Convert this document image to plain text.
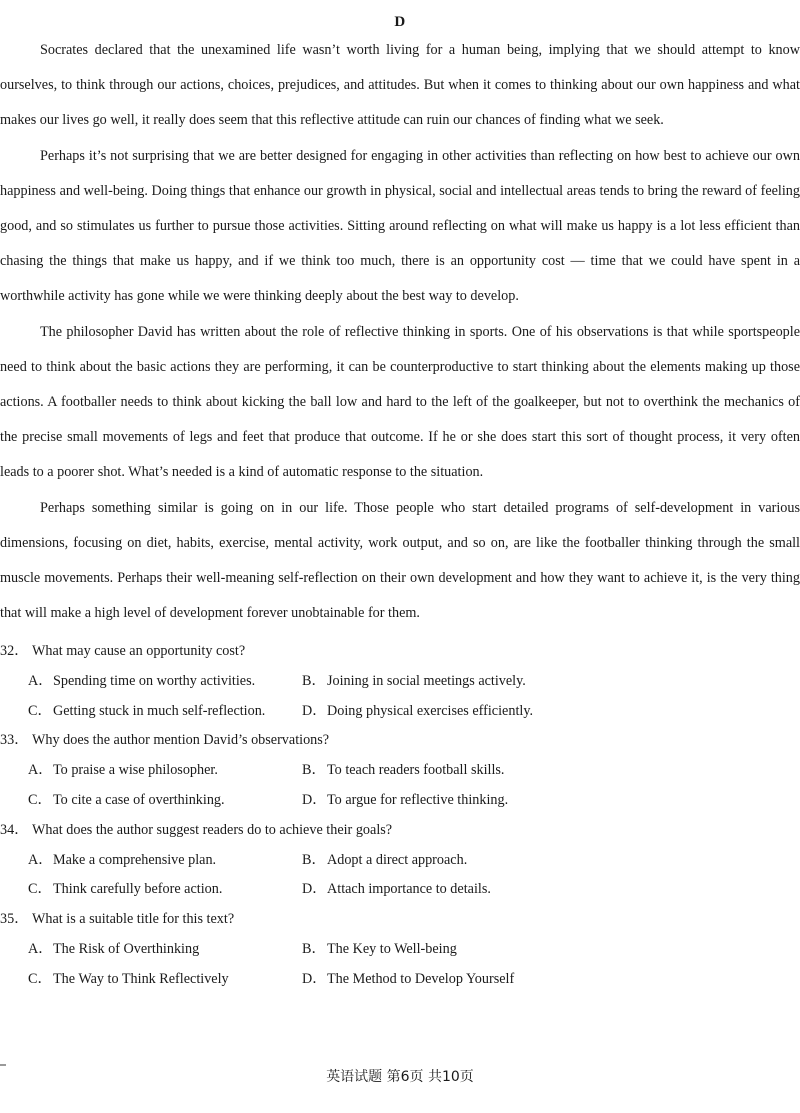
D

Socrates declared that the unexamined life wasn’t worth living for a human being, implying that we should attempt to know ourselves, to think through our actions, choices, prejudices, and attitudes. But when it comes to thinking about our own happiness and what makes our lives go well, it really does seem that this reflective attitude can ruin our chances of finding what we seek.

Perhaps it’s not surprising that we are better designed for engaging in other activities than reflecting on how best to achieve our own happiness and well-being. Doing things that enhance our growth in physical, social and intellectual areas tends to bring the reward of feeling good, and so stimulates us further to pursue those activities. Sitting around reflecting on what will make us happy is a lot less efficient than chasing the things that make us happy, and if we think too much, there is an opportunity cost — time that we could have spent in a worthwhile activity has gone while we were thinking deeply about the best way to develop.

The philosopher David has written about the role of reflective thinking in sports. One of his observations is that while sportspeople need to think about the basic actions they are performing, it can be counterproductive to start thinking about the elements making up those actions. A footballer needs to think about kicking the ball low and hard to the left of the goalkeeper, but not to overthink the mechanics of the precise small movements of legs and feet that produce that outcome. If he or she does start this sort of thought process, it very often leads to a poorer shot. What’s needed is a kind of automatic response to the situation.

Perhaps something similar is going on in our life. Those people who start detailed programs of self-development in various dimensions, focusing on diet, habits, exercise, mental activity, work output, and so on, are like the footballer thinking through the small muscle movements. Perhaps their well-meaning self-reflection on their own development and how they want to achieve it, is the very thing that will make a high level of development forever unobtainable for them.

32． What may cause an opportunity cost?
A．Spending time on worthy activities.	B．Joining in social meetings actively.
C．Getting stuck in much self-reflection.	D．Doing physical exercises efficiently.
33． Why does the author mention David’s observations?
A．To praise a wise philosopher.	B．To teach readers football skills.
C．To cite a case of overthinking.	D．To argue for reflective thinking.
34． What does the author suggest readers do to achieve their goals?
A．Make a comprehensive plan.	B．Adopt a direct approach.
C．Think carefully before action.	D．Attach importance to details.
35． What is a suitable title for this text?
A．The Risk of Overthinking	B．The Key to Well-being
C．The Way to Think Reflectively	D．The Method to Develop Yourself
英语试题 第6页 共10页
